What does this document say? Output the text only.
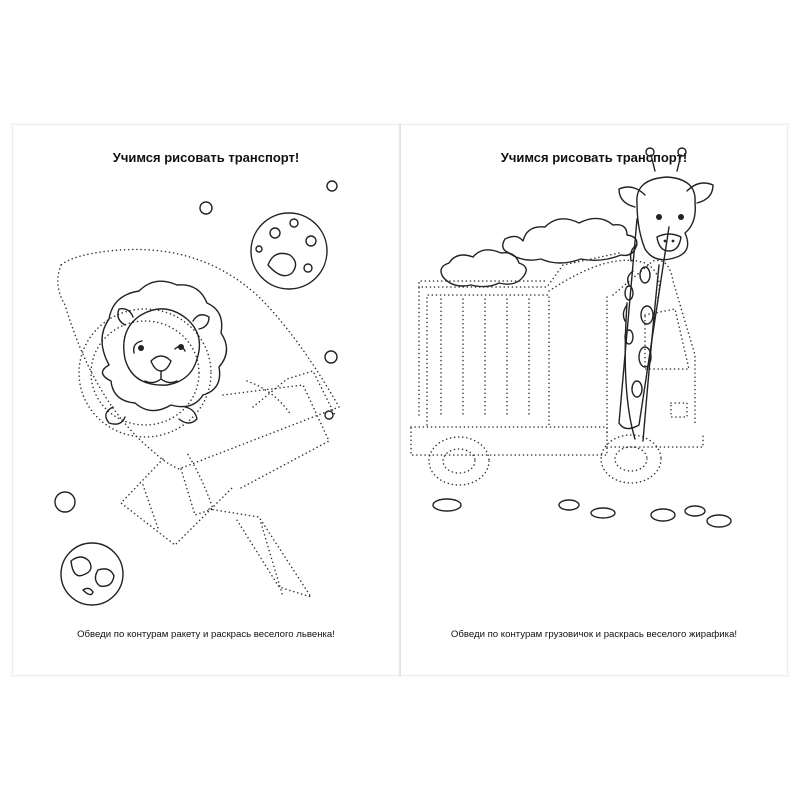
Учимся рисовать транспорт!
Обведи по контурам ракету и раскрась веселого львенка!
Учимся рисовать транспорт!
Обведи по контурам грузовичок и раскрась веселого жирафика!
